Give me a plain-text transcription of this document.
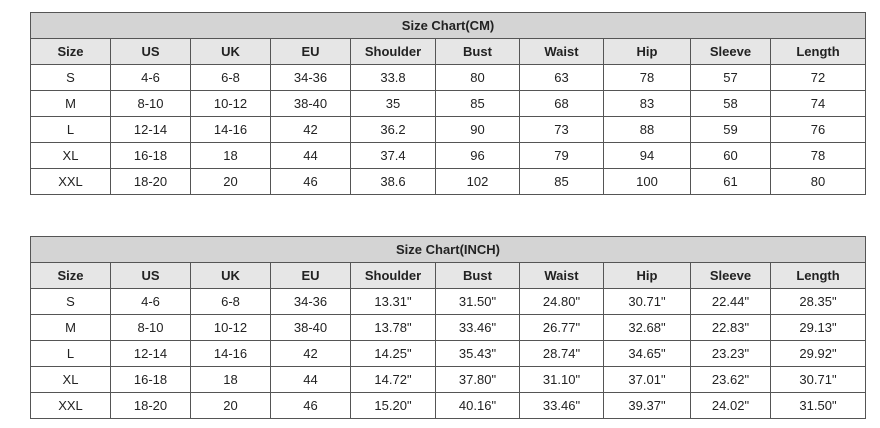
Size Chart(CM)									
Size	US	UK	EU	Shoulder	Bust	Waist	Hip	Sleeve	Length
S	4-6	6-8	34-36	33.8	80	63	78	57	72
M	8-10	10-12	38-40	35	85	68	83	58	74
L	12-14	14-16	42	36.2	90	73	88	59	76
XL	16-18	18	44	37.4	96	79	94	60	78
XXL	18-20	20	46	38.6	102	85	100	61	80
Size Chart(INCH)									
Size	US	UK	EU	Shoulder	Bust	Waist	Hip	Sleeve	Length
S	4-6	6-8	34-36	13.31"	31.50"	24.80"	30.71"	22.44"	28.35"
M	8-10	10-12	38-40	13.78"	33.46"	26.77"	32.68"	22.83"	29.13"
L	12-14	14-16	42	14.25"	35.43"	28.74"	34.65"	23.23"	29.92"
XL	16-18	18	44	14.72"	37.80"	31.10"	37.01"	23.62"	30.71"
XXL	18-20	20	46	15.20"	40.16"	33.46"	39.37"	24.02"	31.50"
